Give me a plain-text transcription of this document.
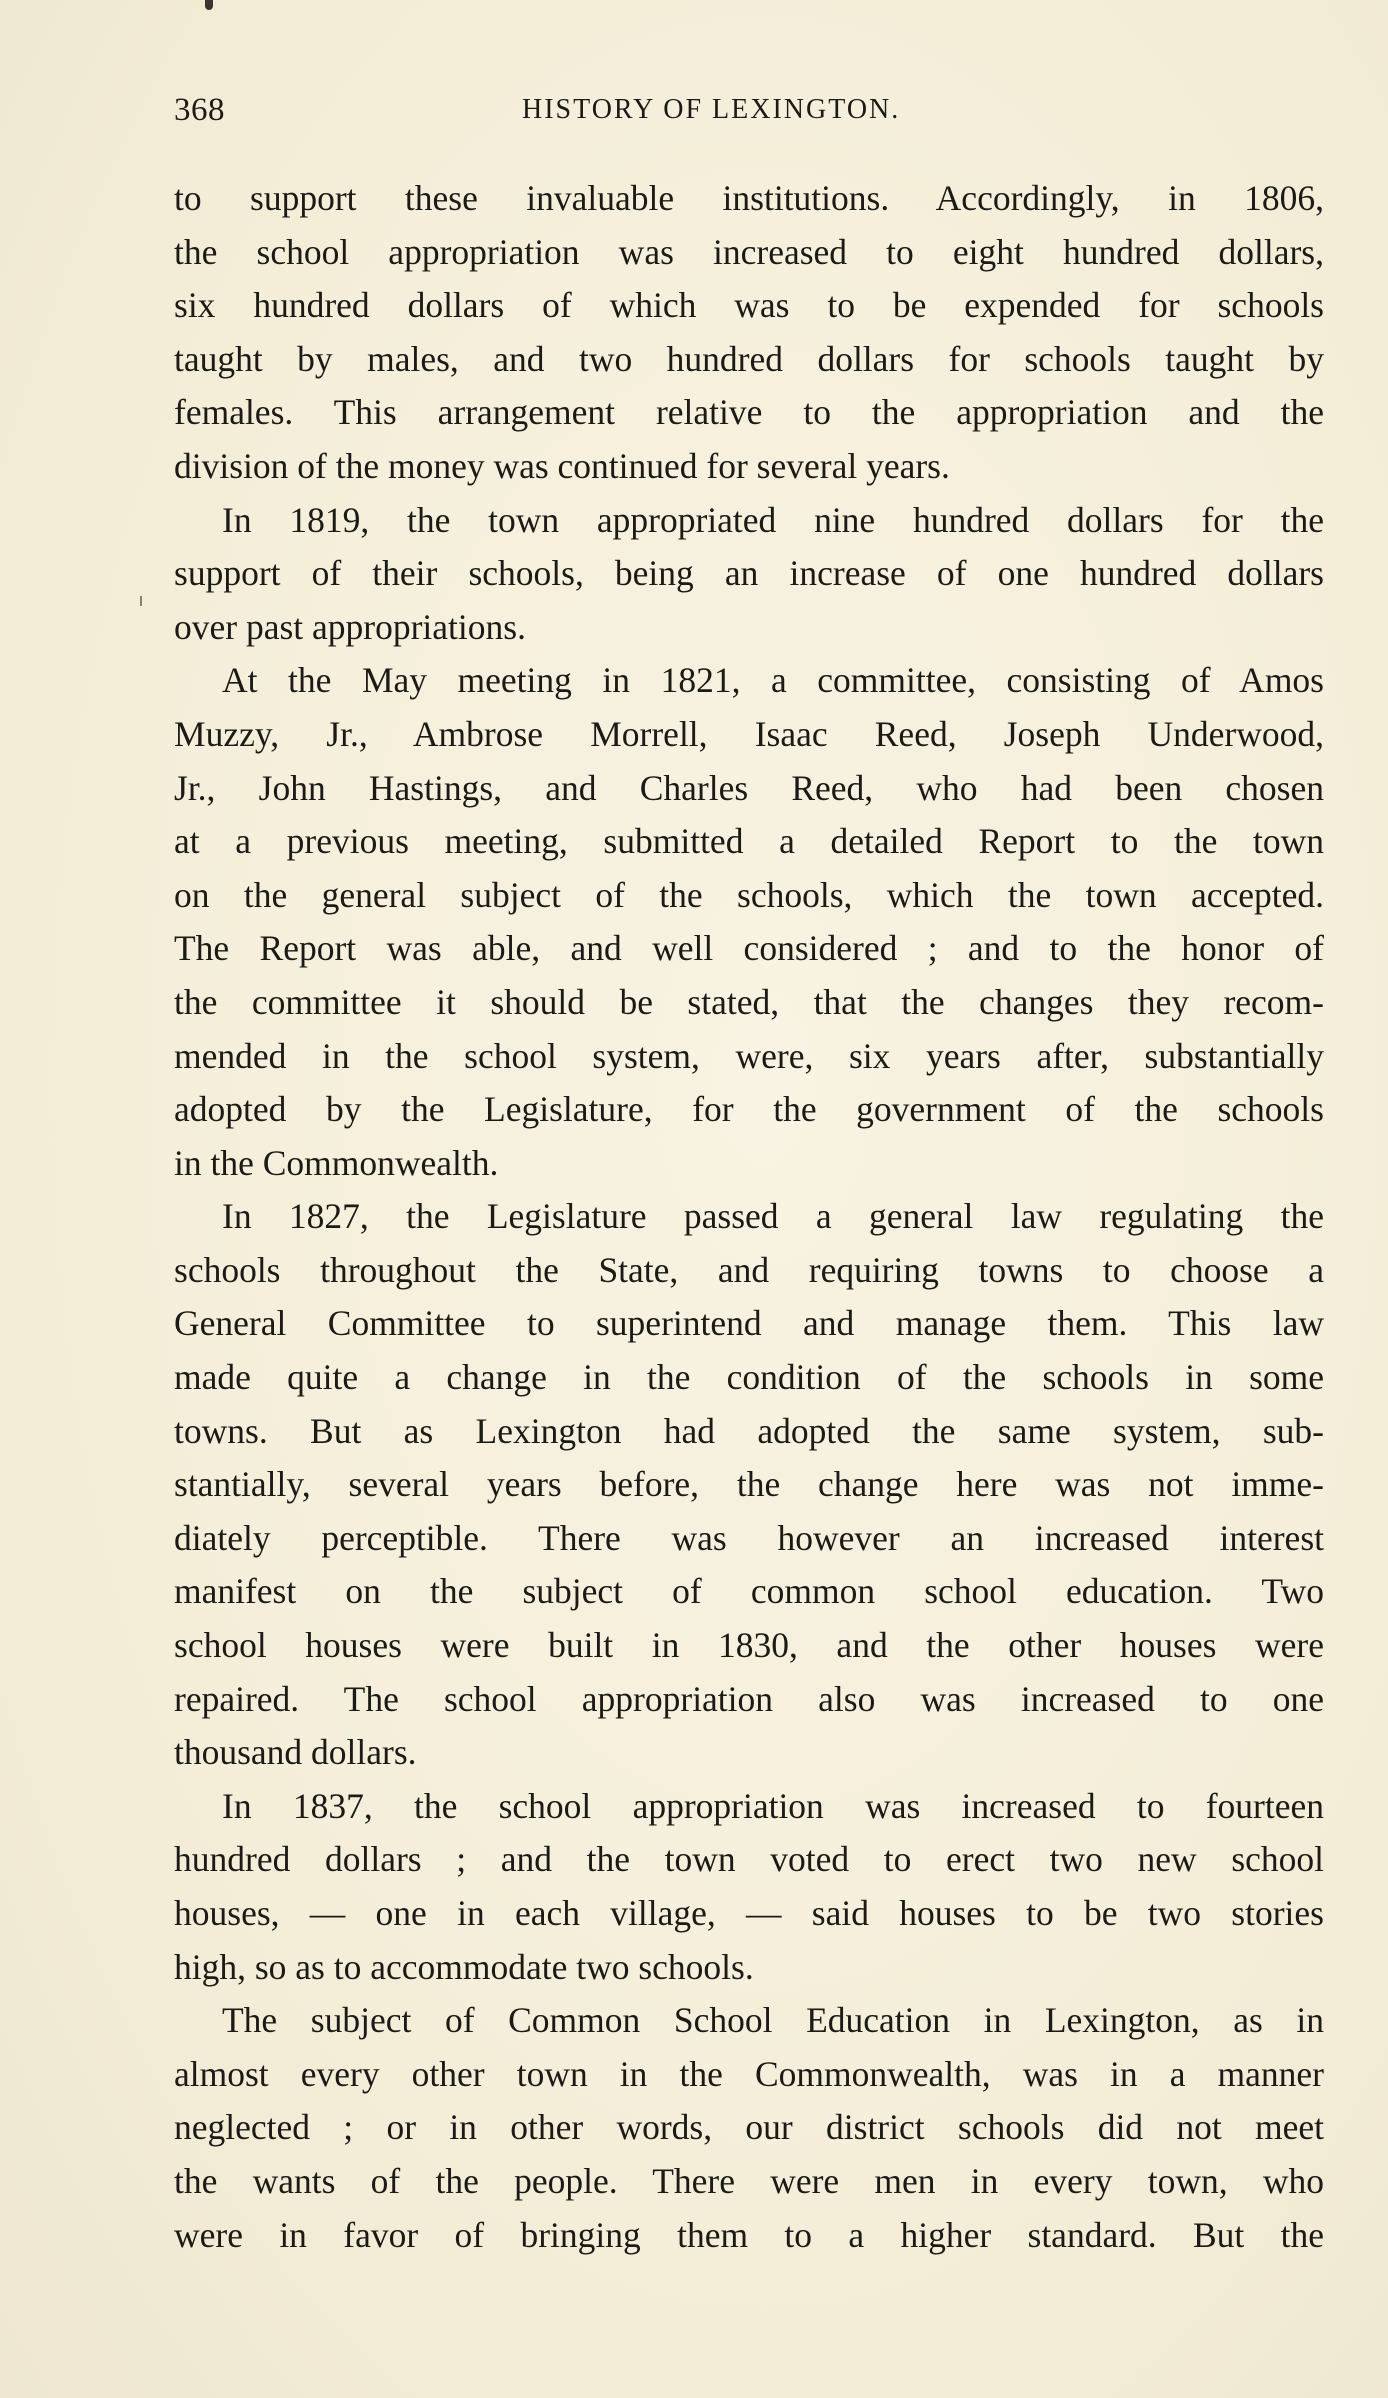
368	HISTORY OF LEXINGTON.
to support these invaluable institutions. Accordingly, in 1806,
the school appropriation was increased to eight hundred dollars,
six hundred dollars of which was to be expended for schools
taught by males, and two hundred dollars for schools taught by
females. This arrangement relative to the appropriation and the
division of the money was continued for several years.
In 1819, the town appropriated nine hundred dollars for the
support of their schools, being an increase of one hundred dollars
over past appropriations.
At the May meeting in 1821, a committee, consisting of Amos
Muzzy, Jr., Ambrose Morrell, Isaac Reed, Joseph Underwood,
Jr., John Hastings, and Charles Reed, who had been chosen
at a previous meeting, submitted a detailed Report to the town
on the general subject of the schools, which the town accepted.
The Report was able, and well considered ; and to the honor of
the committee it should be stated, that the changes they recom-
mended in the school system, were, six years after, substantially
adopted by the Legislature, for the government of the schools
in the Commonwealth.
In 1827, the Legislature passed a general law regulating the
schools throughout the State, and requiring towns to choose a
General Committee to superintend and manage them. This law
made quite a change in the condition of the schools in some
towns. But as Lexington had adopted the same system, sub-
stantially, several years before, the change here was not imme-
diately perceptible. There was however an increased interest
manifest on the subject of common school education. Two
school houses were built in 1830, and the other houses were
repaired. The school appropriation also was increased to one
thousand dollars.
In 1837, the school appropriation was increased to fourteen
hundred dollars ; and the town voted to erect two new school
houses, — one in each village, — said houses to be two stories
high, so as to accommodate two schools.
The subject of Common School Education in Lexington, as in
almost every other town in the Commonwealth, was in a manner
neglected ; or in other words, our district schools did not meet
the wants of the people. There were men in every town, who
were in favor of bringing them to a higher standard. But the
